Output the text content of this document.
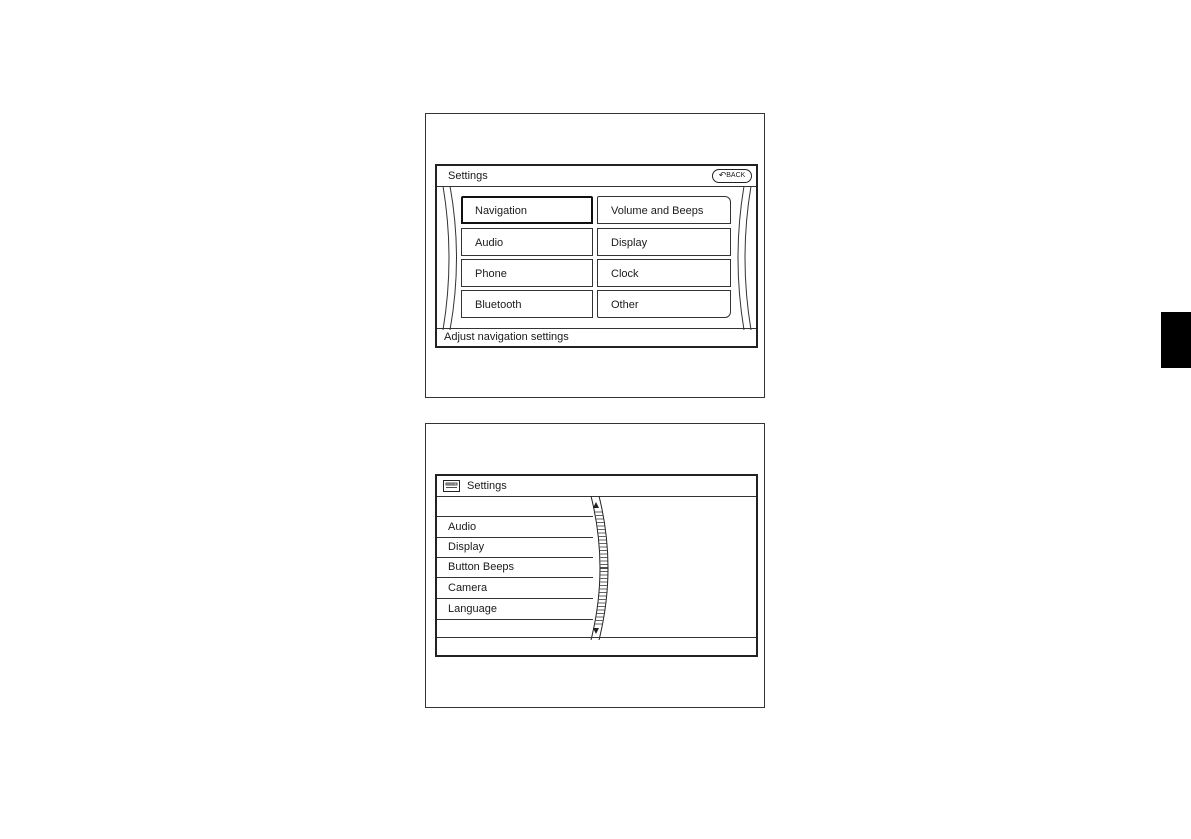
Settings	↶BACK
Navigation
Audio
Phone
Bluetooth
Volume and Beeps
Display
Clock
Other
Adjust navigation settings
Settings
Audio
Display
Button Beeps
Camera
Language
